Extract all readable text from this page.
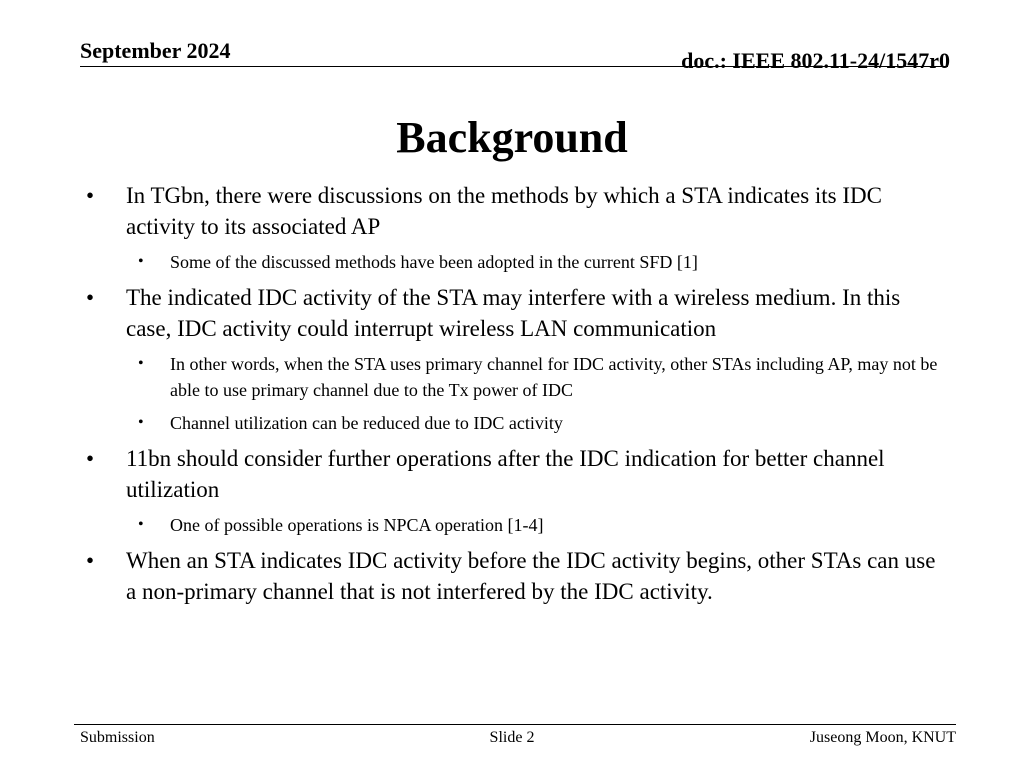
September 2024	doc.: IEEE 802.11-24/1547r0
Background
• In TGbn, there were discussions on the methods by which a STA indicates its IDC activity to its associated AP
• Some of the discussed methods have been adopted in the current SFD [1]
• The indicated IDC activity of the STA may interfere with a wireless medium. In this case, IDC activity could interrupt wireless LAN communication
• In other words, when the STA uses primary channel for IDC activity, other STAs including AP, may not be able to use primary channel due to the Tx power of IDC
• Channel utilization can be reduced due to IDC activity
• 11bn should consider further operations after the IDC indication for better channel utilization
• One of possible operations is NPCA operation [1-4]
• When an STA indicates IDC activity before the IDC activity begins, other STAs can use a non-primary channel that is not interfered by the IDC activity.
Submission	Slide 2	Juseong Moon, KNUT
